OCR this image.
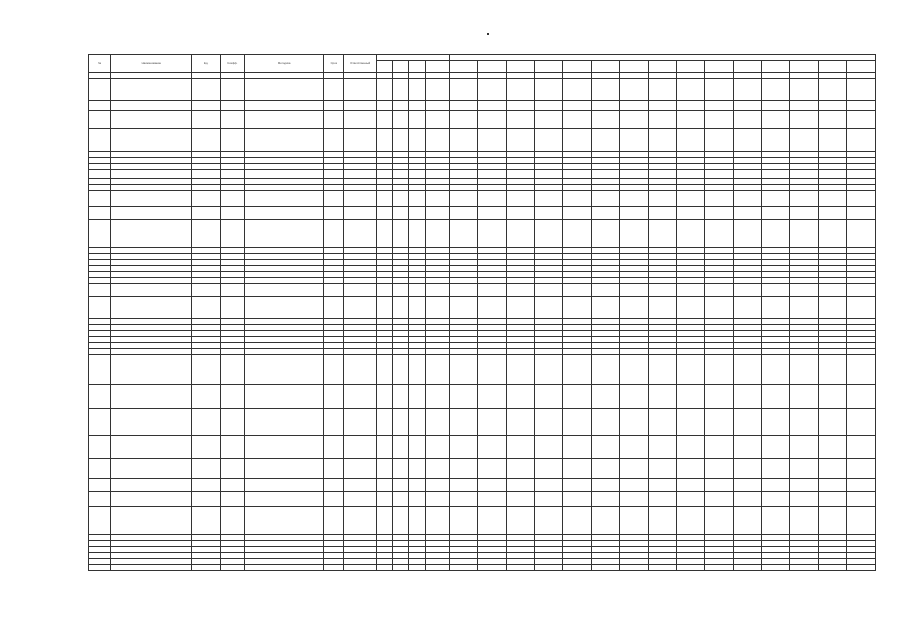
№	Наименование	Ед.	Коэфф.	Методика	Срок	Ответственный																			
